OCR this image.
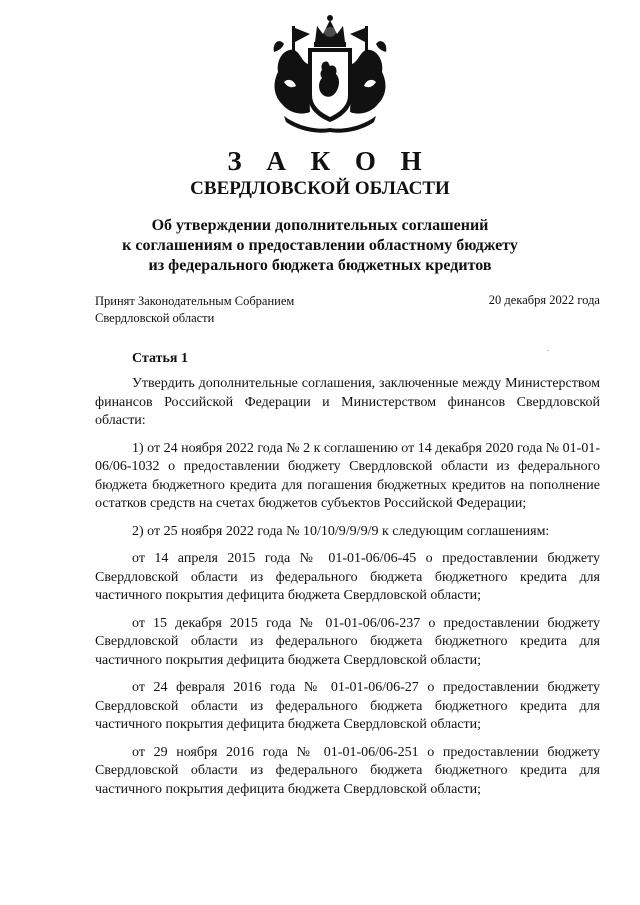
З А К О Н
СВЕРДЛОВСКОЙ ОБЛАСТИ
Об утверждении дополнительных соглашений
к соглашениям о предоставлении областному бюджету
из федерального бюджета бюджетных кредитов
Принят Законодательным Собранием
Свердловской области
20 декабря 2022 года
.
Статья 1

Утвердить дополнительные соглашения, заключенные между Министерством финансов Российской Федерации и Министерством финансов Свердловской области:

1) от 24 ноября 2022 года № 2 к соглашению от 14 декабря 2020 года № 01-01-06/06-1032 о предоставлении бюджету Свердловской области из федерального бюджета бюджетного кредита для погашения бюджетных кредитов на пополнение остатков средств на счетах бюджетов субъектов Российской Федерации;

2) от 25 ноября 2022 года № 10/10/9/9/9/9 к следующим соглашениям:

от 14 апреля 2015 года № 01-01-06/06-45 о предоставлении бюджету Свердловской области из федерального бюджета бюджетного кредита для частичного покрытия дефицита бюджета Свердловской области;

от 15 декабря 2015 года № 01-01-06/06-237 о предоставлении бюджету Свердловской области из федерального бюджета бюджетного кредита для частичного покрытия дефицита бюджета Свердловской области;

от 24 февраля 2016 года № 01-01-06/06-27 о предоставлении бюджету Свердловской области из федерального бюджета бюджетного кредита для частичного покрытия дефицита бюджета Свердловской области;

от 29 ноября 2016 года № 01-01-06/06-251 о предоставлении бюджету Свердловской области из федерального бюджета бюджетного кредита для частичного покрытия дефицита бюджета Свердловской области;
